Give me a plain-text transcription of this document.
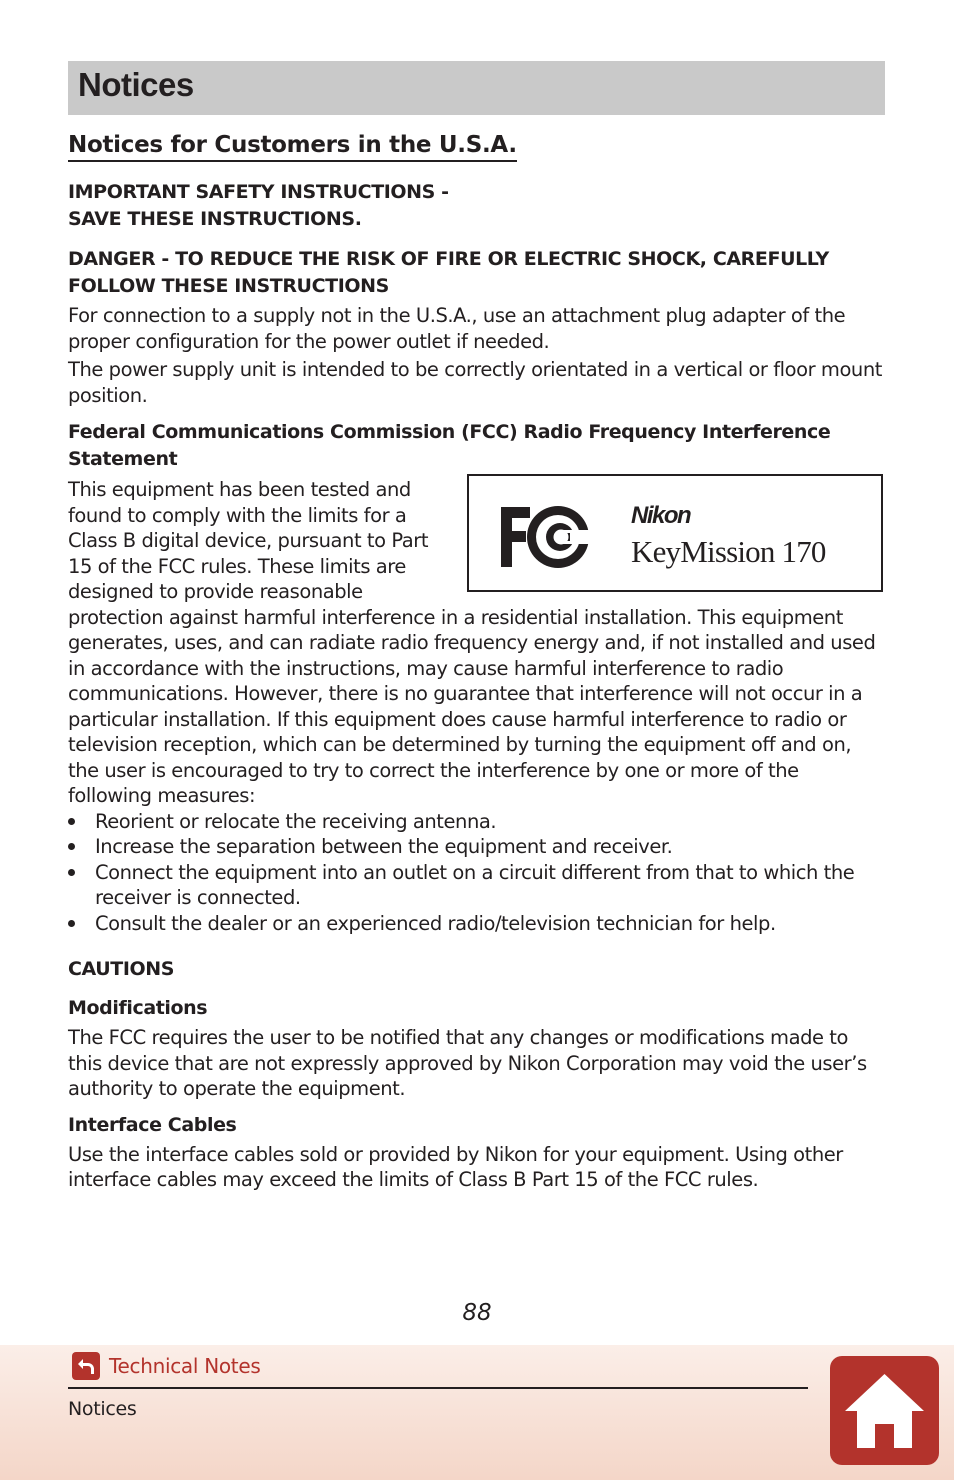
Notices
Notices for Customers in the U.S.A.
IMPORTANT SAFETY INSTRUCTIONS -
SAVE THESE INSTRUCTIONS.
DANGER - TO REDUCE THE RISK OF FIRE OR ELECTRIC SHOCK, CAREFULLY FOLLOW THESE INSTRUCTIONS

For connection to a supply not in the U.S.A., use an attachment plug adapter of the proper configuration for the power outlet if needed.

The power supply unit is intended to be correctly orientated in a vertical or floor mount position.

Federal Communications Commission (FCC) Radio Frequency Interference Statement
Nikon
KeyMission 170

This equipment has been tested and found to comply with the limits for a Class B digital device, pursuant to Part 15 of the FCC rules. These limits are designed to provide reasonable protection against harmful interference in a residential installation. This equipment generates, uses, and can radiate radio frequency energy and, if not installed and used in accordance with the instructions, may cause harmful interference to radio communications. However, there is no guarantee that interference will not occur in a particular installation. If this equipment does cause harmful interference to radio or television reception, which can be determined by turning the equipment off and on, the user is encouraged to try to correct the interference by one or more of the following measures:

Reorient or relocate the receiving antenna.
Increase the separation between the equipment and receiver.
Connect the equipment into an outlet on a circuit different from that to which the receiver is connected.
Consult the dealer or an experienced radio/television technician for help.
CAUTIONS
Modifications

The FCC requires the user to be notified that any changes or modifications made to this device that are not expressly approved by Nikon Corporation may void the user’s authority to operate the equipment.

Interface Cables

Use the interface cables sold or provided by Nikon for your equipment. Using other interface cables may exceed the limits of Class B Part 15 of the FCC rules.

88
Technical Notes
Notices
